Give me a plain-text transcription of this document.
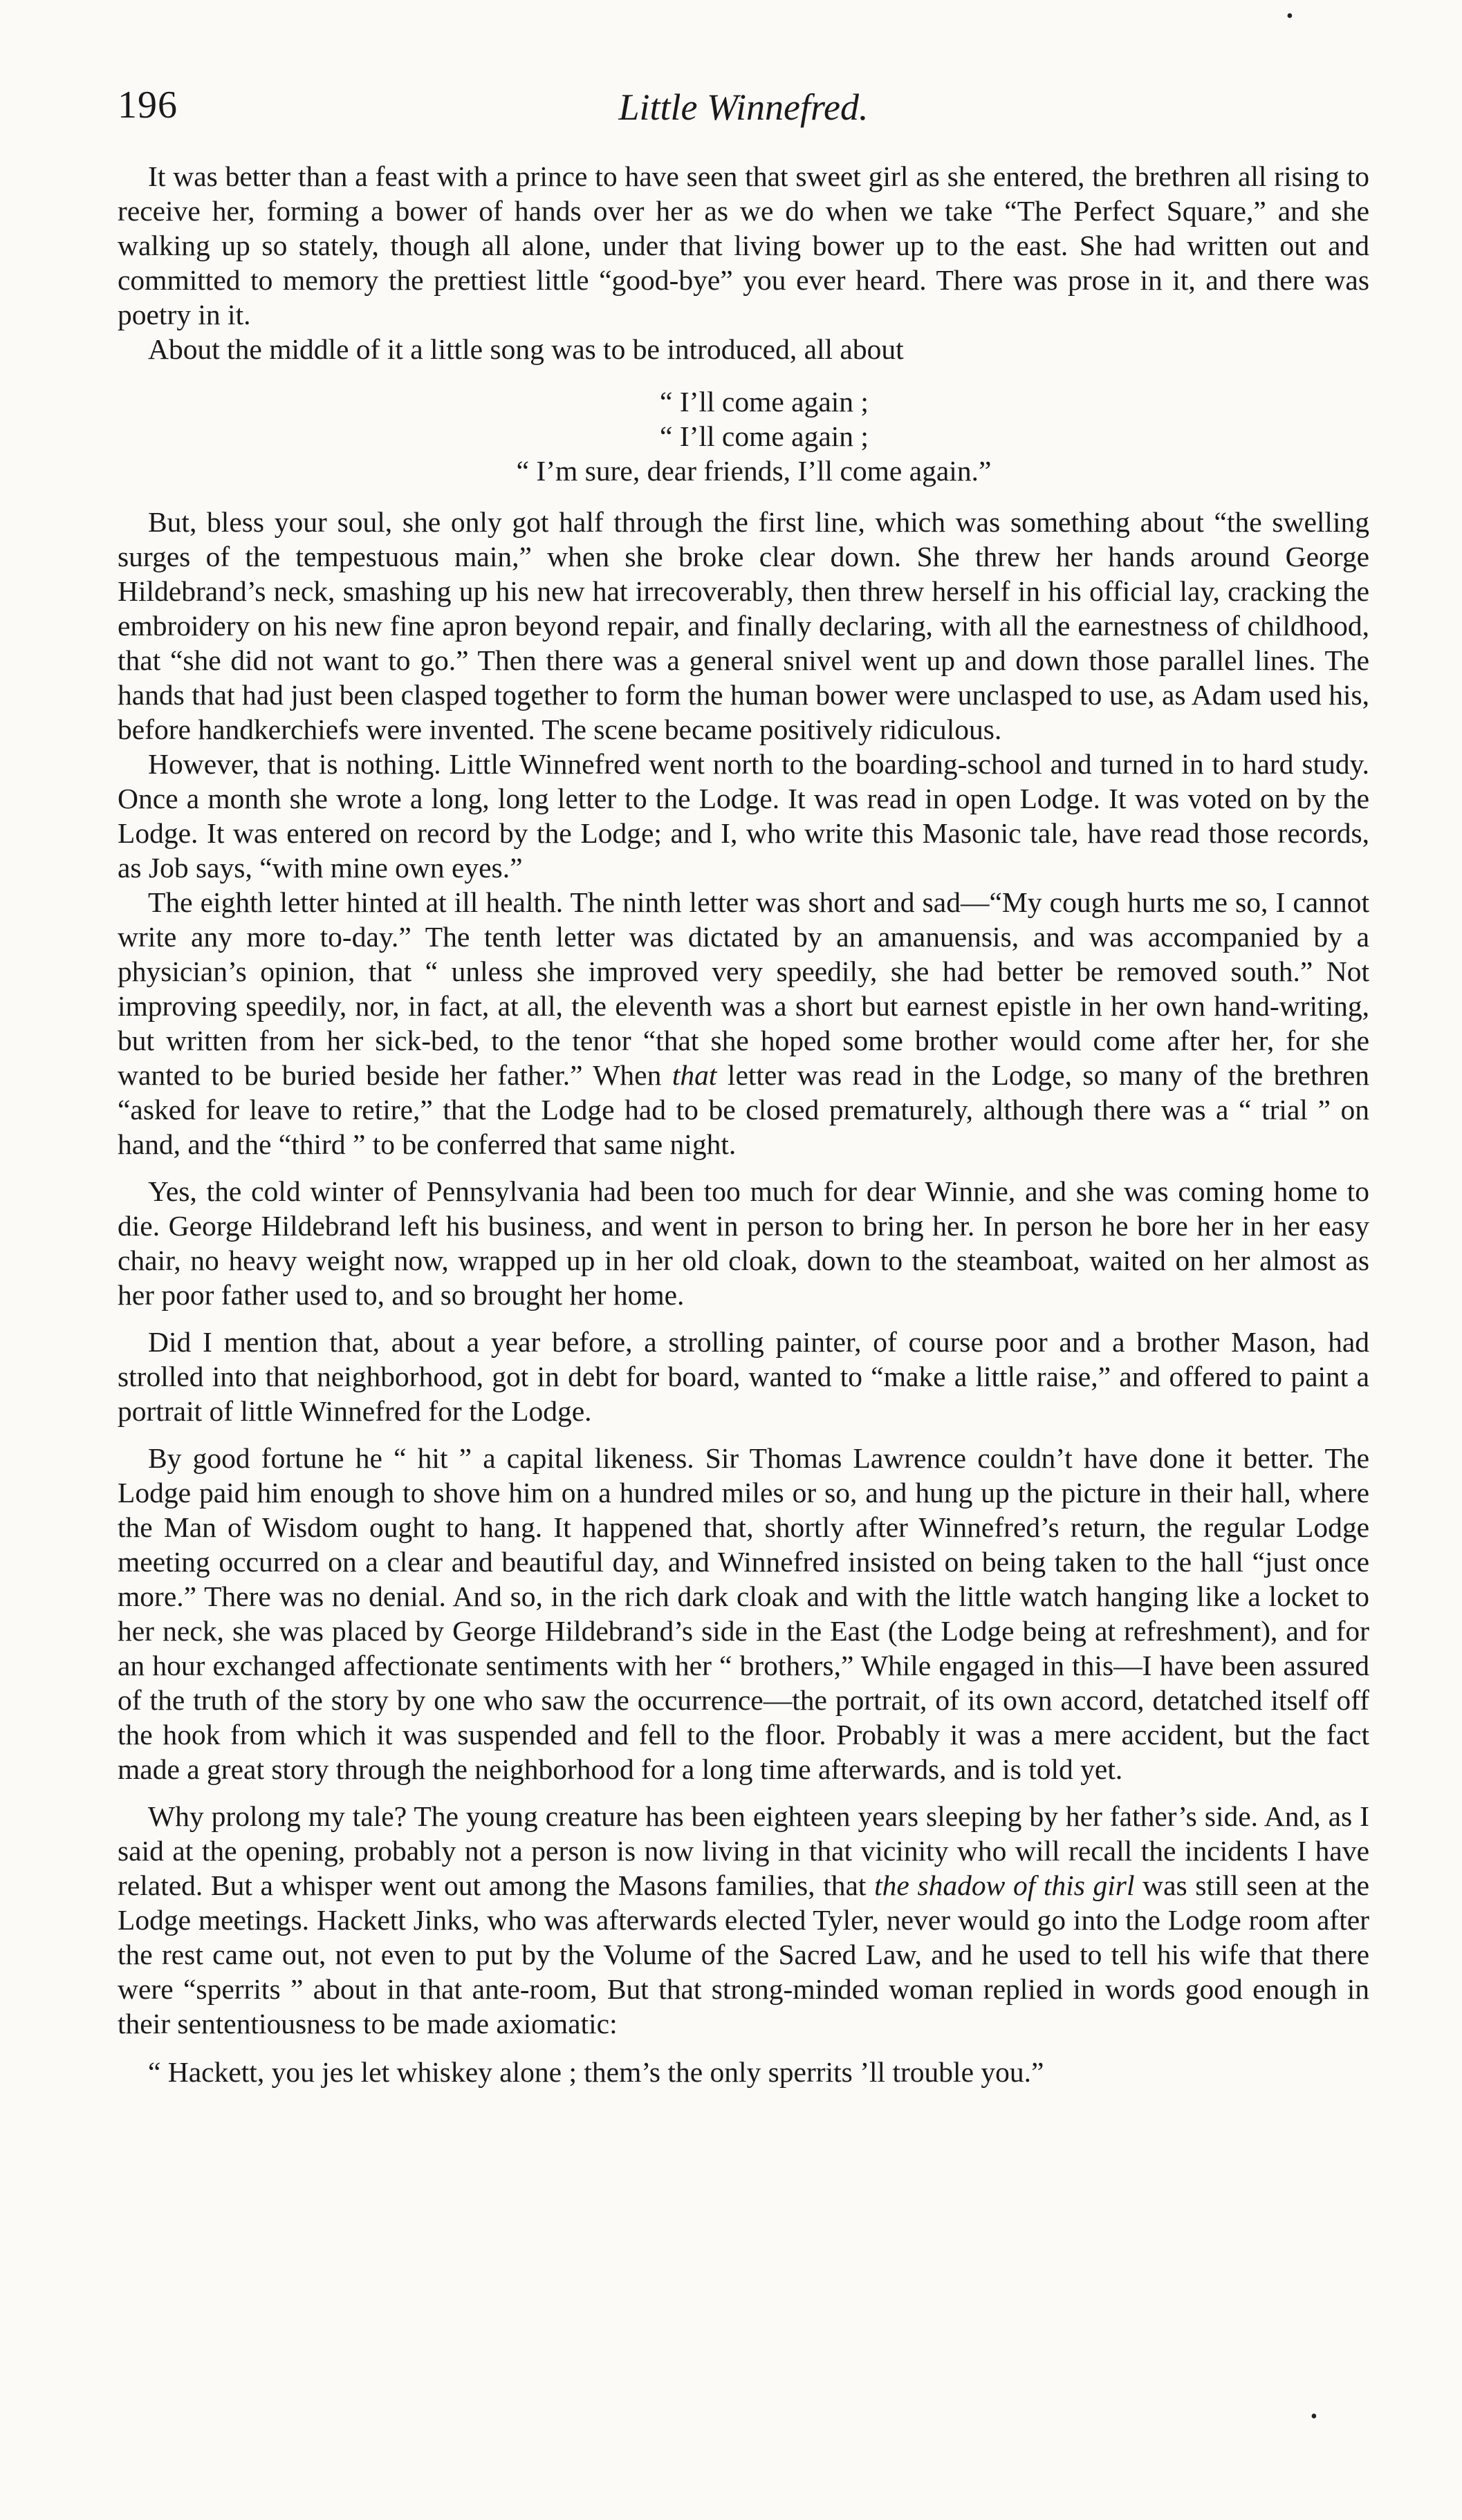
196	Little Winnefred.

It was better than a feast with a prince to have seen that sweet girl as she entered, the brethren all rising to receive her, forming a bower of hands over her as we do when we take “The Perfect Square,” and she walking up so stately, though all alone, under that living bower up to the east. She had written out and committed to memory the prettiest little “good-bye” you ever heard. There was prose in it, and there was poetry in it.

About the middle of it a little song was to be introduced, all about

“ I’ll come again ;
“ I’ll come again ;
“ I’m sure, dear friends, I’ll come again.”

But, bless your soul, she only got half through the first line, which was something about “the swelling surges of the tempestuous main,” when she broke clear down. She threw her hands around George Hildebrand’s neck, smashing up his new hat irrecoverably, then threw herself in his official lay, cracking the embroidery on his new fine apron beyond repair, and finally declaring, with all the earnestness of childhood, that “she did not want to go.” Then there was a general snivel went up and down those parallel lines. The hands that had just been clasped together to form the human bower were unclasped to use, as Adam used his, before handkerchiefs were invented. The scene became positively ridiculous.

However, that is nothing. Little Winnefred went north to the boarding-school and turned in to hard study. Once a month she wrote a long, long letter to the Lodge. It was read in open Lodge. It was voted on by the Lodge. It was entered on record by the Lodge; and I, who write this Masonic tale, have read those records, as Job says, “with mine own eyes.”

The eighth letter hinted at ill health. The ninth letter was short and sad—“My cough hurts me so, I cannot write any more to-day.” The tenth letter was dictated by an amanuensis, and was accompanied by a physician’s opinion, that “ unless she improved very speedily, she had better be removed south.” Not improving speedily, nor, in fact, at all, the eleventh was a short but earnest epistle in her own hand-writing, but written from her sick-bed, to the tenor “that she hoped some brother would come after her, for she wanted to be buried beside her father.” When that letter was read in the Lodge, so many of the brethren “asked for leave to retire,” that the Lodge had to be closed prematurely, although there was a “ trial ” on hand, and the “third ” to be conferred that same night.

Yes, the cold winter of Pennsylvania had been too much for dear Winnie, and she was coming home to die. George Hildebrand left his business, and went in person to bring her. In person he bore her in her easy chair, no heavy weight now, wrapped up in her old cloak, down to the steamboat, waited on her almost as her poor father used to, and so brought her home.

Did I mention that, about a year before, a strolling painter, of course poor and a brother Mason, had strolled into that neighborhood, got in debt for board, wanted to “make a little raise,” and offered to paint a portrait of little Winnefred for the Lodge.

By good fortune he “ hit ” a capital likeness. Sir Thomas Lawrence couldn’t have done it better. The Lodge paid him enough to shove him on a hundred miles or so, and hung up the picture in their hall, where the Man of Wisdom ought to hang. It happened that, shortly after Winnefred’s return, the regular Lodge meeting occurred on a clear and beautiful day, and Winnefred insisted on being taken to the hall “just once more.” There was no denial. And so, in the rich dark cloak and with the little watch hanging like a locket to her neck, she was placed by George Hildebrand’s side in the East (the Lodge being at refreshment), and for an hour exchanged affectionate sentiments with her “ brothers,” While engaged in this—I have been assured of the truth of the story by one who saw the occurrence—the portrait, of its own accord, detatched itself off the hook from which it was suspended and fell to the floor. Probably it was a mere accident, but the fact made a great story through the neighborhood for a long time afterwards, and is told yet.

Why prolong my tale? The young creature has been eighteen years sleeping by her father’s side. And, as I said at the opening, probably not a person is now living in that vicinity who will recall the incidents I have related. But a whisper went out among the Masons families, that the shadow of this girl was still seen at the Lodge meetings. Hackett Jinks, who was afterwards elected Tyler, never would go into the Lodge room after the rest came out, not even to put by the Volume of the Sacred Law, and he used to tell his wife that there were “sperrits ” about in that ante-room, But that strong-minded woman replied in words good enough in their sententiousness to be made axiomatic:

“ Hackett, you jes let whiskey alone ; them’s the only sperrits ’ll trouble you.”

•
•
